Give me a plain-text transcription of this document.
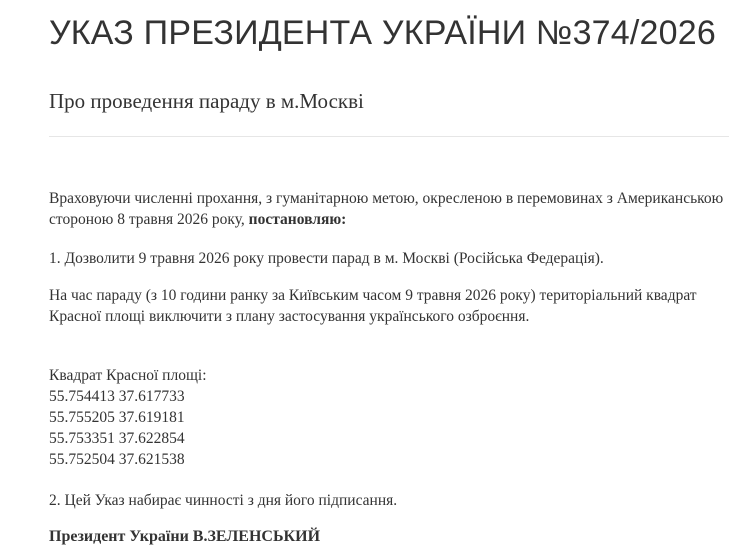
УКАЗ ПРЕЗИДЕНТА УКРАЇНИ №374/2026
Про проведення параду в м.Москві

Враховуючи численні прохання, з гуманітарною метою, окресленою в перемовинах з Американською стороною 8 травня 2026 року, постановляю:

1. Дозволити 9 травня 2026 року провести парад в м. Москві (Російська Федерація).

На час параду (з 10 години ранку за Київським часом 9 травня 2026 року) територіальний квадрат Красної площі виключити з плану застосування українського озброєння.

Квадрат Красної площі:
55.754413 37.617733
55.755205 37.619181
55.753351 37.622854
55.752504 37.621538

2. Цей Указ набирає чинності з дня його підписання.

Президент України В.ЗЕЛЕНСЬКИЙ
